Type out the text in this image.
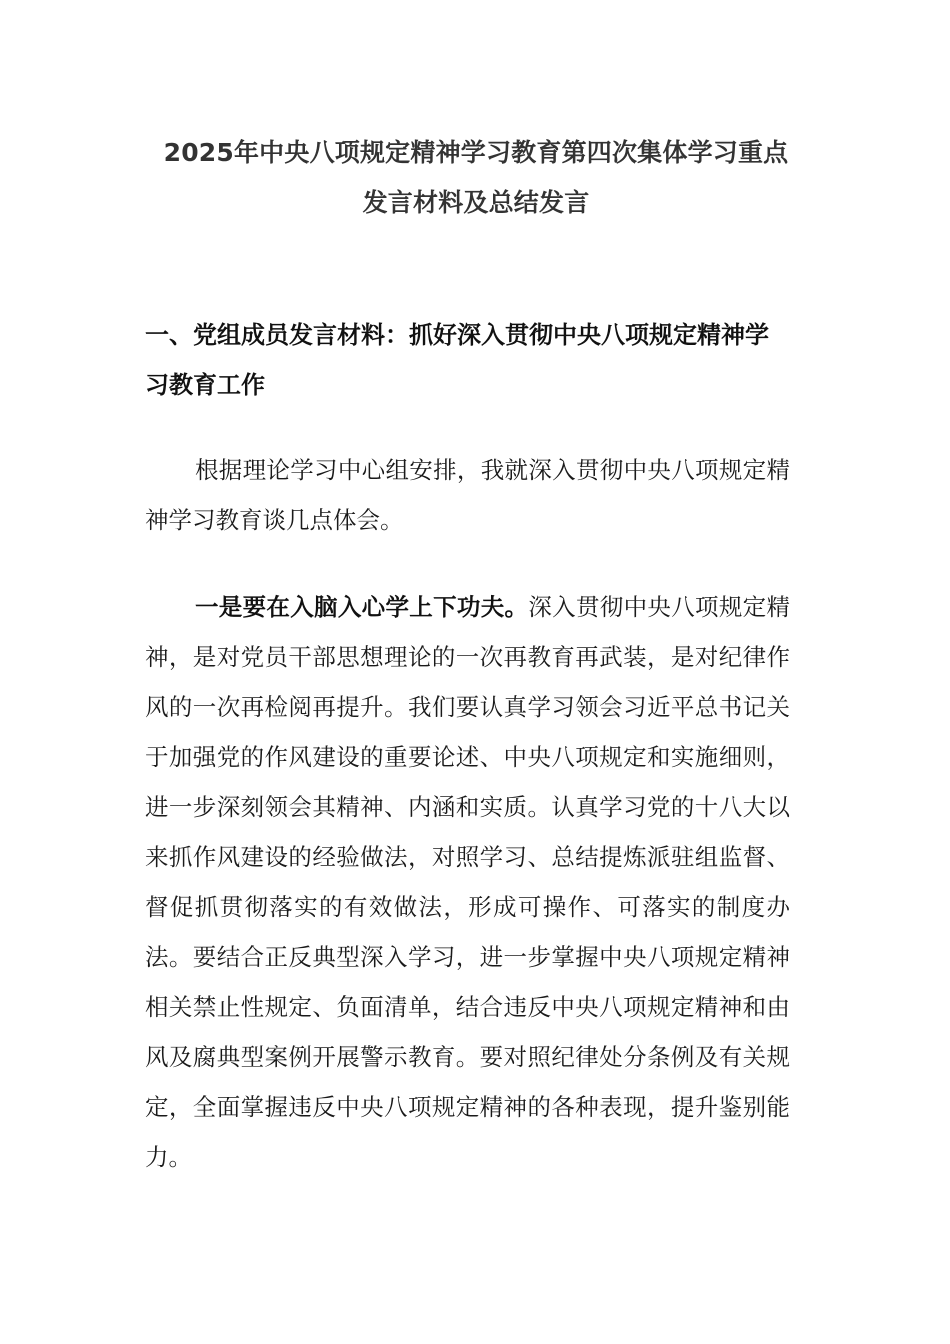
2025年中央八项规定精神学习教育第四次集体学习重点
发言材料及总结发言

一、党组成员发言材料：抓好深入贯彻中央八项规定精神学习教育工作

根据理论学习中心组安排，我就深入贯彻中央八项规定精神学习教育谈几点体会。

一是要在入脑入心学上下功夫。深入贯彻中央八项规定精神，是对党员干部思想理论的一次再教育再武装，是对纪律作风的一次再检阅再提升。我们要认真学习领会习近平总书记关于加强党的作风建设的重要论述、中央八项规定和实施细则，进一步深刻领会其精神、内涵和实质。认真学习党的十八大以来抓作风建设的经验做法，对照学习、总结提炼派驻组监督、督促抓贯彻落实的有效做法，形成可操作、可落实的制度办法。要结合正反典型深入学习，进一步掌握中央八项规定精神相关禁止性规定、负面清单，结合违反中央八项规定精神和由风及腐典型案例开展警示教育。要对照纪律处分条例及有关规定，全面掌握违反中央八项规定精神的各种表现，提升鉴别能力。
